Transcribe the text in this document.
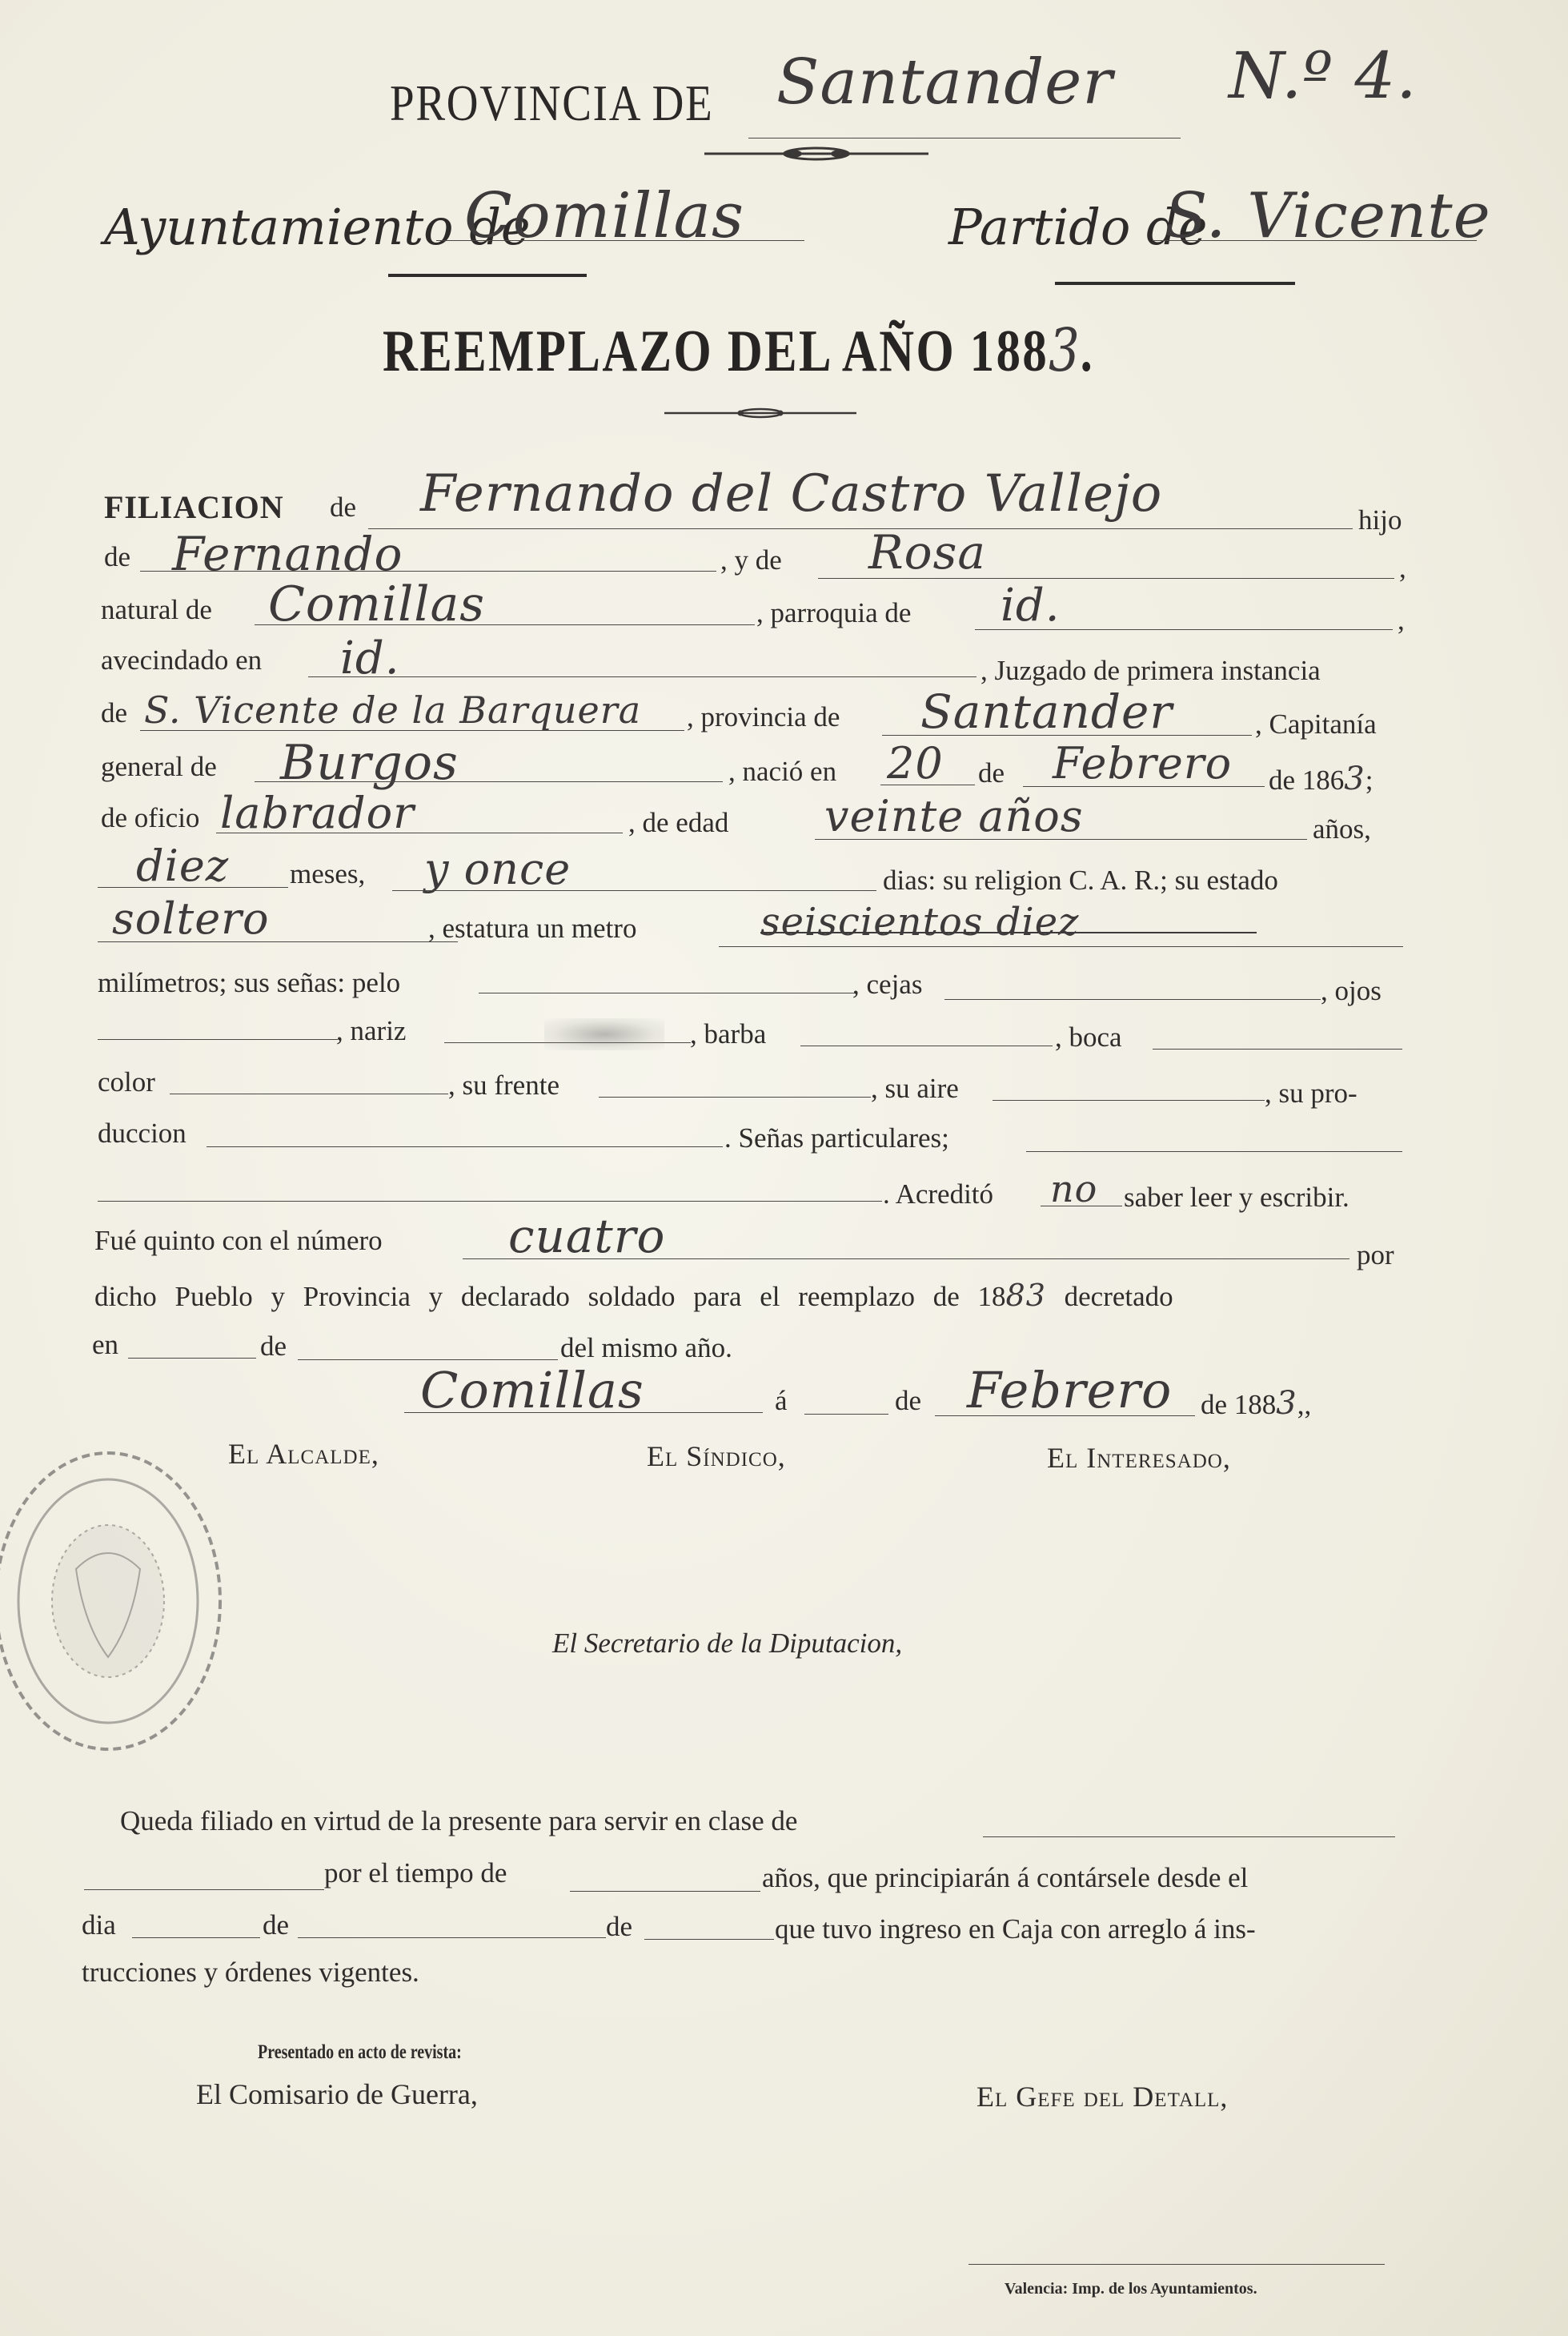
PROVINCIA DE Santander N.º 4.
Ayuntamiento de
Comillas	Partido de
S. Vicente
REEMPLAZO DEL AÑO 1883.
FILIACION de Fernando del Castro Vallejo	hijo
de Fernando	, y de Rosa	,
natural de Comillas	, parroquia de id.	,
avecindado en id.	, Juzgado de primera instancia
de S. Vicente de la Barquera , provincia de Santander	, Capitanía
general de Burgos	, nació en 20 de Febrero de 1863;
de oficio labrador	, de edad veinte años	años,
diez meses, y once	dias: su religion C. A. R.; su estado
soltero	, estatura un metro	seiscientos diez
milímetros; sus señas: pelo	, cejas	, ojos
, nariz	, barba	, boca
color	, su frente	, su aire	, su pro-
duccion	. Señas particulares;
. Acreditó no saber leer y escribir.
Fué quinto con el número	cuatro	por
dicho Pueblo y Provincia y declarado soldado para el reemplazo de 1883 decretado
en	de	del mismo año.
Comillas	á	de Febrero de 1883,,
El Alcalde,	El Síndico,	El Interesado,
El Secretario de la Diputacion,
Queda filiado en virtud de la presente para servir en clase de
por el tiempo de	años, que principiarán á contársele desde el
dia	de	de	que tuvo ingreso en Caja con arreglo á ins-
trucciones y órdenes vigentes.
Presentado en acto de revista:
El Comisario de Guerra,	El Gefe del Detall,
Valencia: Imp. de los Ayuntamientos.
